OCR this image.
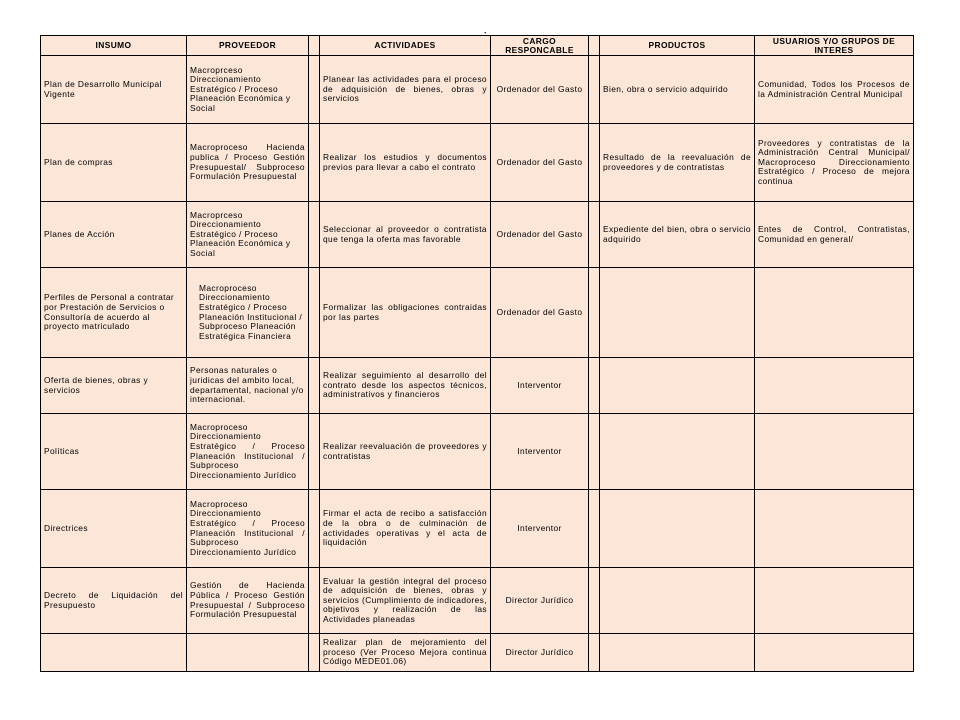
INSUMO	PROVEEDOR		ACTIVIDADES	CARGO RESPONCABLE		PRODUCTOS	USUARIOS Y/O GRUPOS DE INTERES
Plan de Desarrollo Municipal Vigente	Macroprceso Direccionamiento Estratégico / Proceso Planeación Económica y Social		Planear las actividades para el proceso de adquisición de bienes, obras y servicios	Ordenador del Gasto		Bien, obra o servicio adquirido	Comunidad, Todos los Procesos de la Administración Central Municipal
Plan de compras	Macroproceso Hacienda publica / Proceso Gestión Presupuestal/ Subproceso Formulación Presupuestal		Realizar los estudios y documentos previos para llevar a cabo el contrato	Ordenador del Gasto		Resultado de la reevaluación de proveedores y de contratistas	Proveedores y contratistas de la Administración Central Municipal/ Macroproceso Direccionamiento Estratégico / Proceso de mejora continua
Planes de Acción	Macroprceso Direccionamiento Estratégico / Proceso Planeación Económica y Social		Seleccionar al proveedor o contratista que tenga la oferta mas favorable	Ordenador del Gasto		Expediente del bien, obra o servicio adquirido	Entes de Control, Contratistas, Comunidad en general/
Perfiles de Personal a contratar por Prestación de Servicios o Consultoría de acuerdo al proyecto matriculado	Macroproceso Direccionamiento Estratégico / Proceso Planeación Institucional / Subproceso Planeación Estratégica Financiera		Formalizar las obligaciones contraidas por las partes	Ordenador del Gasto			
Oferta de bienes, obras y servicios	Personas naturales o juridicas del ambito local, departamental, nacional y/o internacional.		Realizar seguimiento al desarrollo del contrato desde los aspectos técnicos, administrativos y financieros	Interventor			
Políticas	Macroproceso Direccionamiento Estratégico / Proceso Planeación Institucional / Subproceso Direccionamiento Jurídico		Realizar reevaluación de proveedores y contratistas	Interventor			
Directrices	Macroproceso Direccionamiento Estratégico / Proceso Planeación Institucional / Subproceso Direccionamiento Jurídico		Firmar el acta de recibo a satisfacción de la obra o de culminación de actividades operativas y el acta de liquidación	Interventor			
Decreto de Liquidación del Presupuesto	Gestión de Hacienda Pública / Proceso Gestión Presupuestal / Subproceso Formulación Presupuestal		Evaluar la gestión integral del proceso de adquisición de bienes, obras y servicios (Cumplimiento de indicadores, objetivos y realización de las Actividades planeadas	Director Jurídico			
			Realizar plan de mejoramiento del proceso (Ver Proceso Mejora continua Código MEDE01.06)	Director Jurídico			
